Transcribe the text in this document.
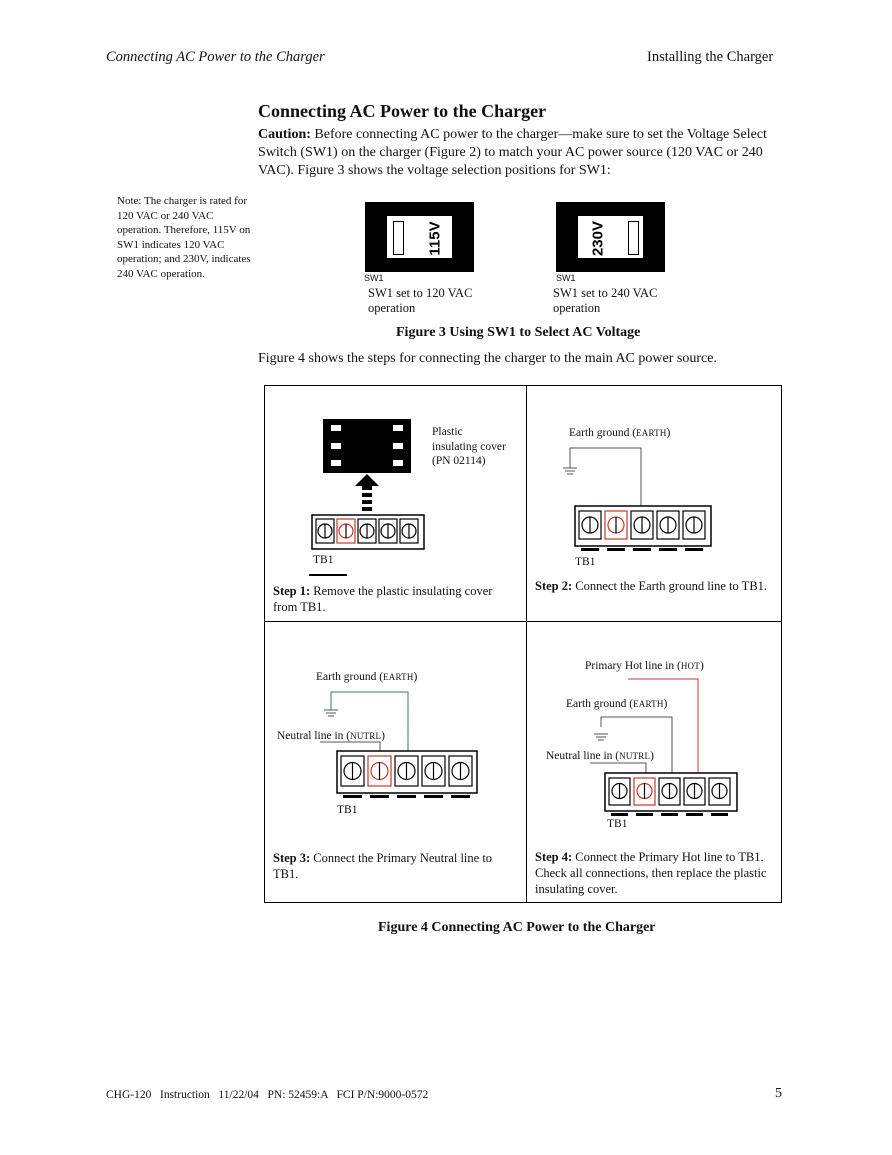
Connecting AC Power to the Charger	Installing the Charger
Connecting AC Power to the Charger
Caution: Before connecting AC power to the charger—make sure to set the Voltage Select Switch (SW1) on the charger (Figure 2) to match your AC power source (120 VAC or 240 VAC). Figure 3 shows the voltage selection positions for SW1:
Note: The charger is rated for 120 VAC or 240 VAC operation. Therefore, 115V on SW1 indicates 120 VAC operation; and 230V, indicates 240 VAC operation.
115V
SW1
SW1 set to 120 VAC
operation
230V
SW1
SW1 set to 240 VAC
operation
Figure 3 Using SW1 to Select AC Voltage
Figure 4 shows the steps for connecting the charger to the main AC power source.
Plastic
insulating cover
(PN 02114)
TB1
Step 1: Remove the plastic insulating cover from TB1.
Earth ground (EARTH)
TB1
Step 2: Connect the Earth ground line to TB1.
Earth ground (EARTH)
Neutral line in (NUTRL)
TB1
Step 3: Connect the Primary Neutral line to TB1.
Primary Hot line in (HOT)
Earth ground (EARTH)
Neutral line in (NUTRL)
TB1
Step 4: Connect the Primary Hot line to TB1. Check all connections, then replace the plastic insulating cover.
Figure 4 Connecting AC Power to the Charger
CHG-120   Instruction   11/22/04   PN: 52459:A   FCI P/N:9000-0572	5
